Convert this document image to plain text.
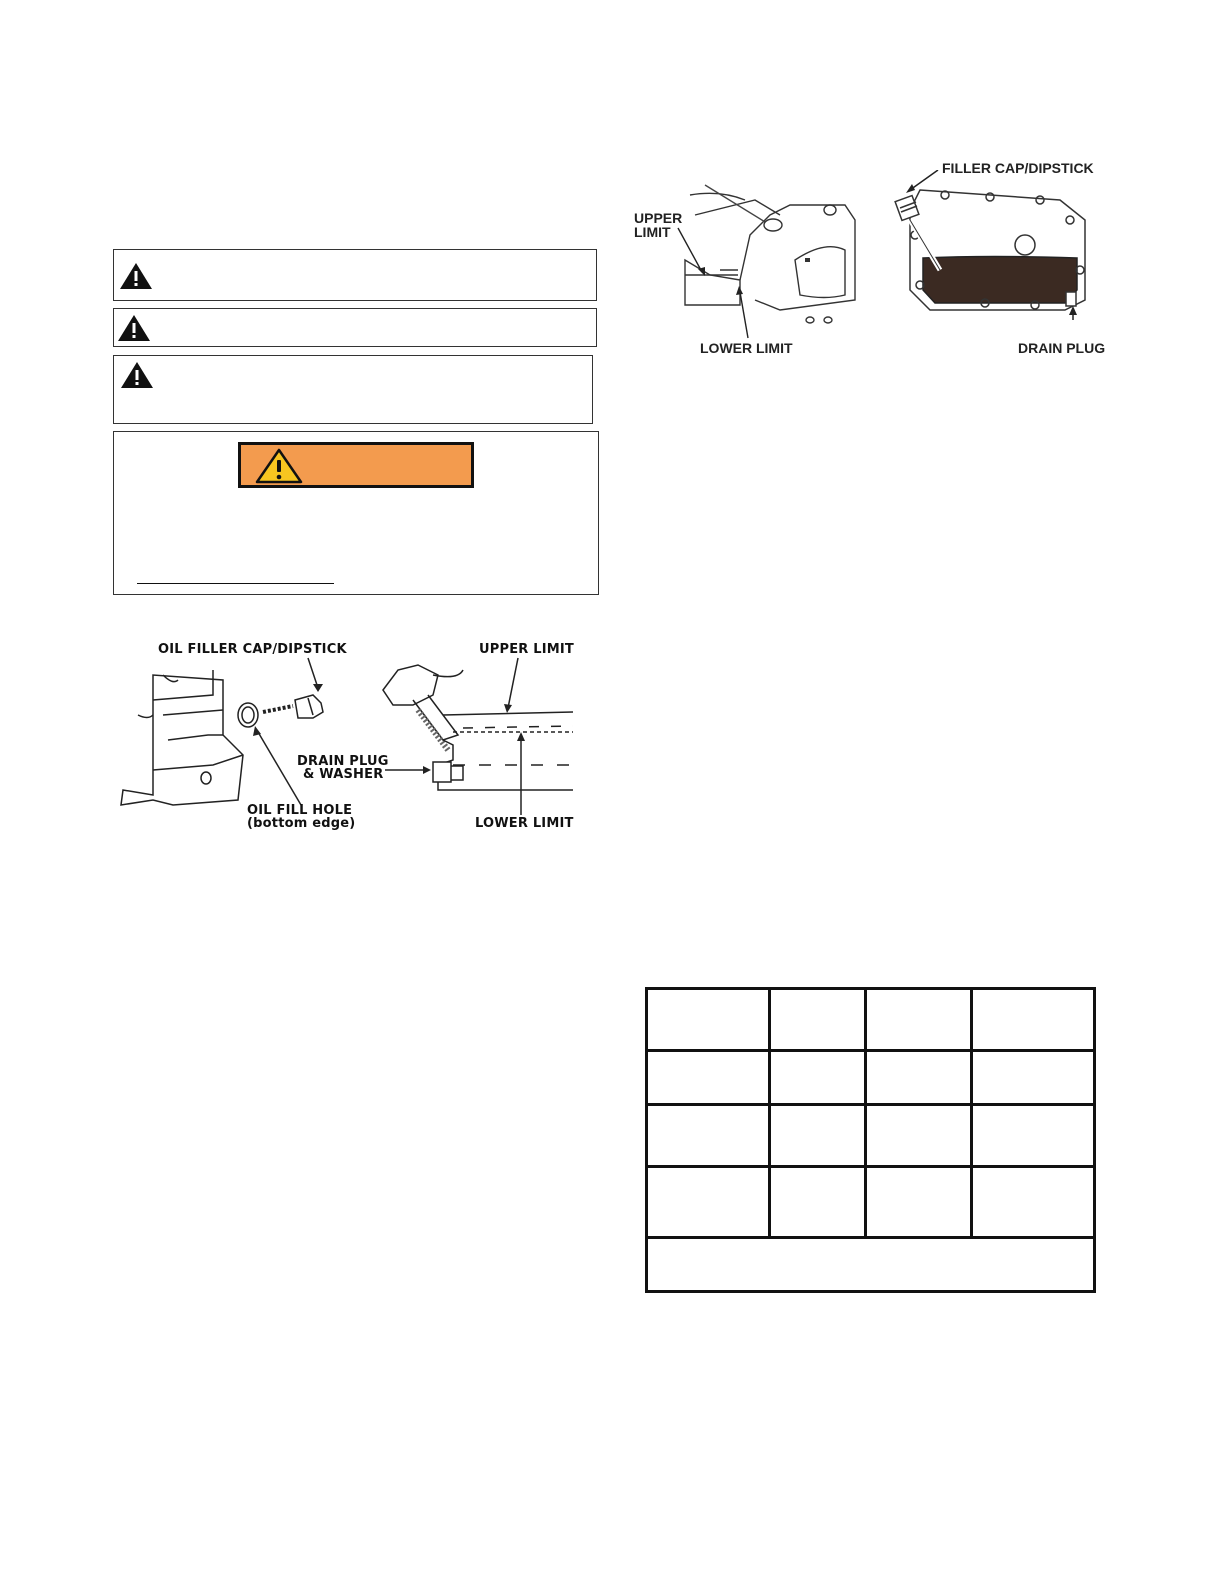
OIL FILLER CAP/DIPSTICK	UPPER LIMIT
DRAIN PLUG
& WASHER
OIL FILL HOLE
(bottom edge)	LOWER LIMIT
UPPER
LIMIT
LOWER LIMIT
FILLER CAP/DIPSTICK
DRAIN PLUG
